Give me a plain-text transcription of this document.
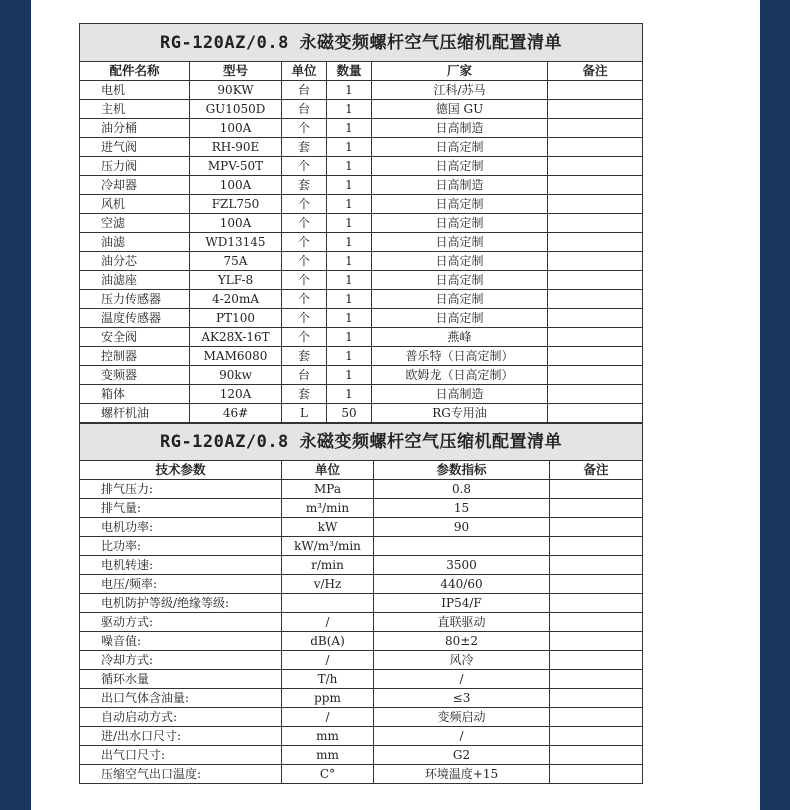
RG-120AZ/0.8 永磁变频螺杆空气压缩机配置清单					
配件名称	型号	单位	数量	厂家	备注
电机	90KW	台	1	江科/苏马	
主机	GU1050D	台	1	德国 GU	
油分桶	100A	个	1	日高制造	
进气阀	RH-90E	套	1	日高定制	
压力阀	MPV-50T	个	1	日高定制	
冷却器	100A	套	1	日高制造	
风机	FZL750	个	1	日高定制	
空滤	100A	个	1	日高定制	
油滤	WD13145	个	1	日高定制	
油分芯	75A	个	1	日高定制	
油滤座	YLF-8	个	1	日高定制	
压力传感器	4-20mA	个	1	日高定制	
温度传感器	PT100	个	1	日高定制	
安全阀	AK28X-16T	个	1	燕峰	
控制器	MAM6080	套	1	普乐特（日高定制）	
变频器	90kw	台	1	欧姆龙（日高定制）	
箱体	120A	套	1	日高制造	
螺杆机油	46#	L	50	RG专用油	
RG-120AZ/0.8 永磁变频螺杆空气压缩机配置清单			
技术参数	单位	参数指标	备注
排气压力:	MPa	0.8	
排气量:	m³/min	15	
电机功率:	kW	90	
比功率:	kW/m³/min		
电机转速:	r/min	3500	
电压/频率:	v/Hz	440/60	
电机防护等级/绝缘等级:		IP54/F	
驱动方式:	/	直联驱动	
噪音值:	dB(A)	80±2	
冷却方式:	/	风冷	
循环水量	T/h	/	
出口气体含油量:	ppm	≤3	
自动启动方式:	/	变频启动	
进/出水口尺寸:	mm	/	
出气口尺寸:	mm	G2	
压缩空气出口温度:	C°	环境温度+15	
